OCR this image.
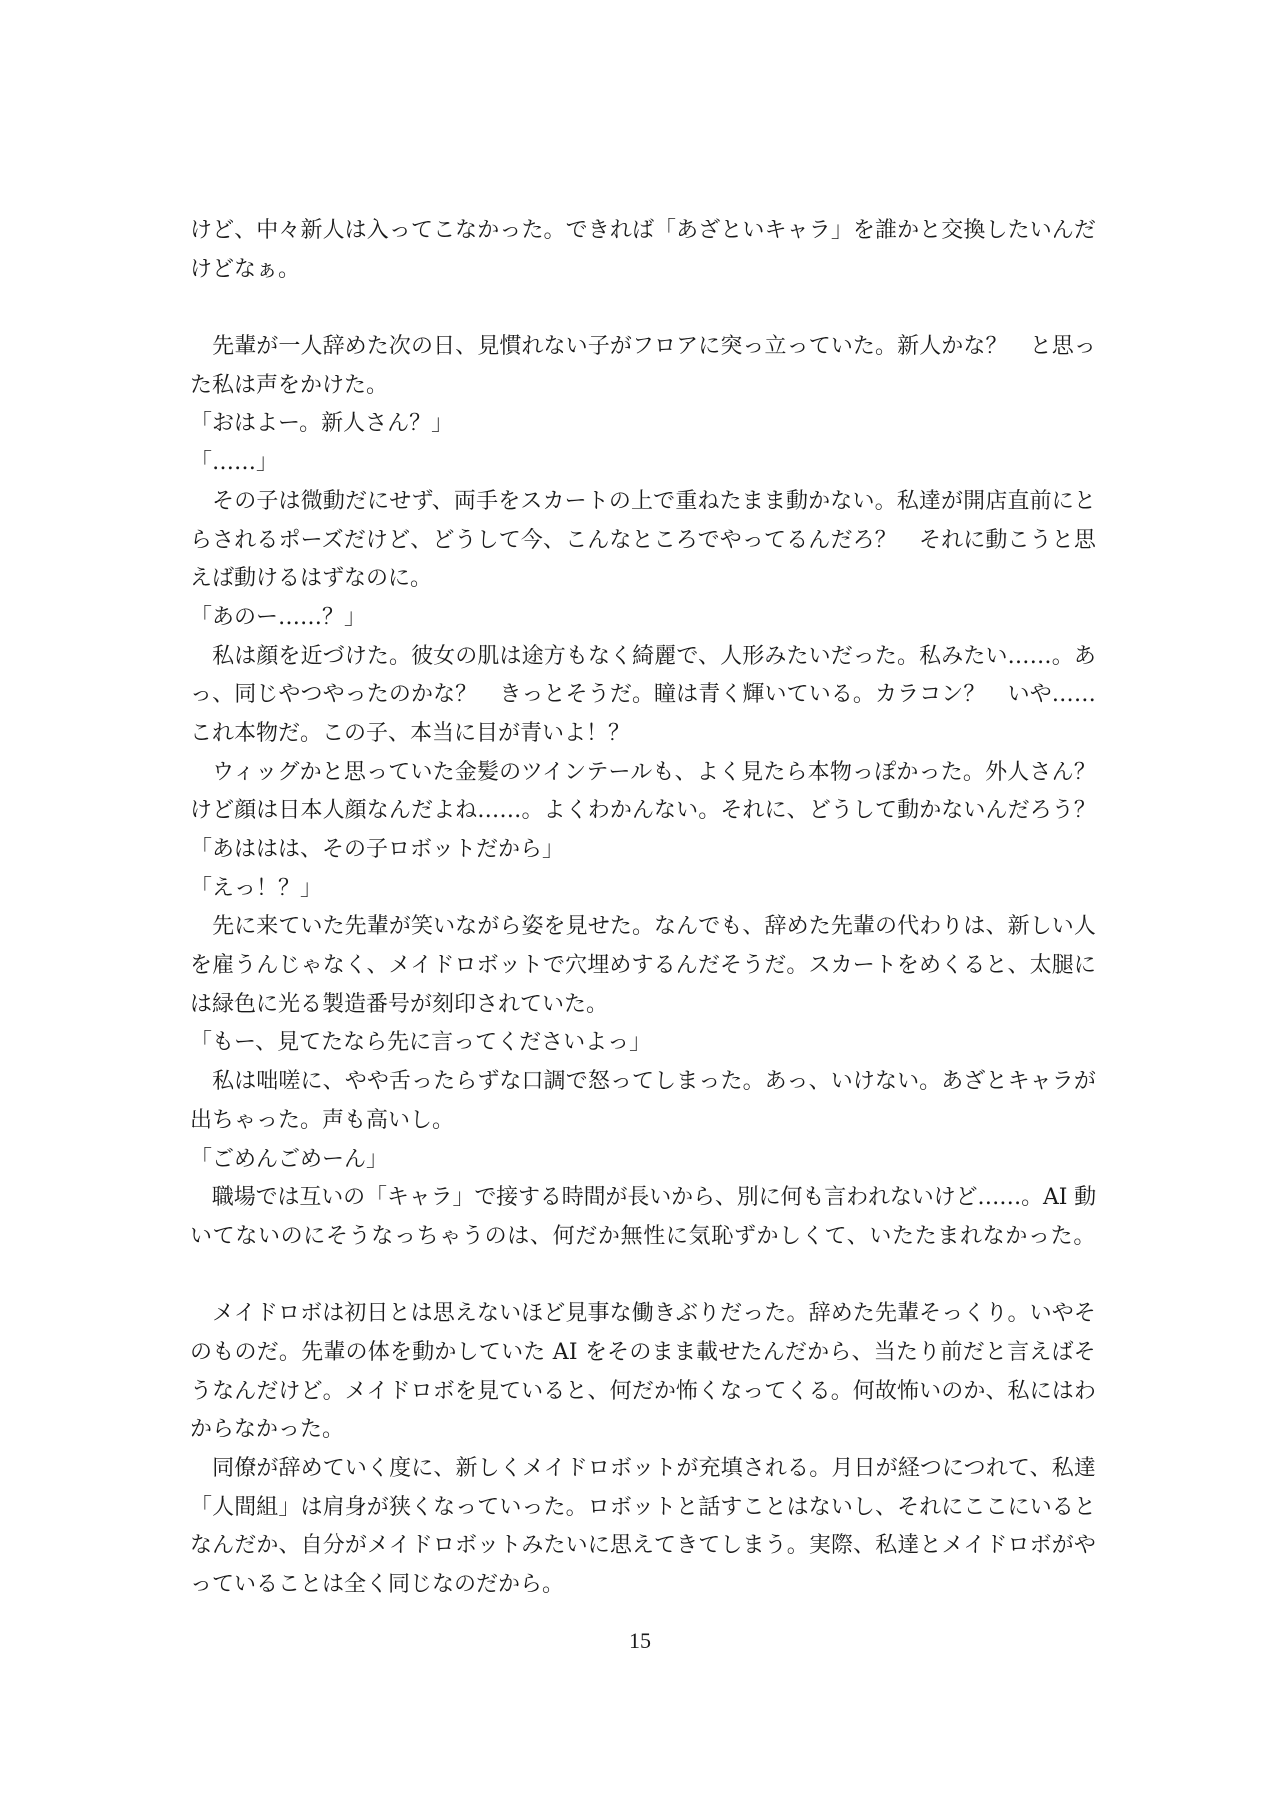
けど、中々新人は入ってこなかった。できれば「あざといキャラ」を誰かと交換したいんだ
けどなぁ。
　先輩が一人辞めた次の日、見慣れない子がフロアに突っ立っていた。新人かな？　と思っ
た私は声をかけた。
「おはよー。新人さん？」
「……」
　その子は微動だにせず、両手をスカートの上で重ねたまま動かない。私達が開店直前にと
らされるポーズだけど、どうして今、こんなところでやってるんだろ？　それに動こうと思
えば動けるはずなのに。
「あのー……？」
　私は顔を近づけた。彼女の肌は途方もなく綺麗で、人形みたいだった。私みたい……。あ
っ、同じやつやったのかな？　きっとそうだ。瞳は青く輝いている。カラコン？　いや……
これ本物だ。この子、本当に目が青いよ！？
　ウィッグかと思っていた金髪のツインテールも、よく見たら本物っぽかった。外人さん？
けど顔は日本人顔なんだよね……。よくわかんない。それに、どうして動かないんだろう？
「あははは、その子ロボットだから」
「えっ！？」
　先に来ていた先輩が笑いながら姿を見せた。なんでも、辞めた先輩の代わりは、新しい人
を雇うんじゃなく、メイドロボットで穴埋めするんだそうだ。スカートをめくると、太腿に
は緑色に光る製造番号が刻印されていた。
「もー、見てたなら先に言ってくださいよっ」
　私は咄嗟に、やや舌ったらずな口調で怒ってしまった。あっ、いけない。あざとキャラが
出ちゃった。声も高いし。
「ごめんごめーん」
　職場では互いの「キャラ」で接する時間が長いから、別に何も言われないけど……。AI 動
いてないのにそうなっちゃうのは、何だか無性に気恥ずかしくて、いたたまれなかった。
　メイドロボは初日とは思えないほど見事な働きぶりだった。辞めた先輩そっくり。いやそ
のものだ。先輩の体を動かしていた AI をそのまま載せたんだから、当たり前だと言えばそ
うなんだけど。メイドロボを見ていると、何だか怖くなってくる。何故怖いのか、私にはわ
からなかった。
　同僚が辞めていく度に、新しくメイドロボットが充填される。月日が経つにつれて、私達
「人間組」は肩身が狭くなっていった。ロボットと話すことはないし、それにここにいると
なんだか、自分がメイドロボットみたいに思えてきてしまう。実際、私達とメイドロボがや
っていることは全く同じなのだから。
15
